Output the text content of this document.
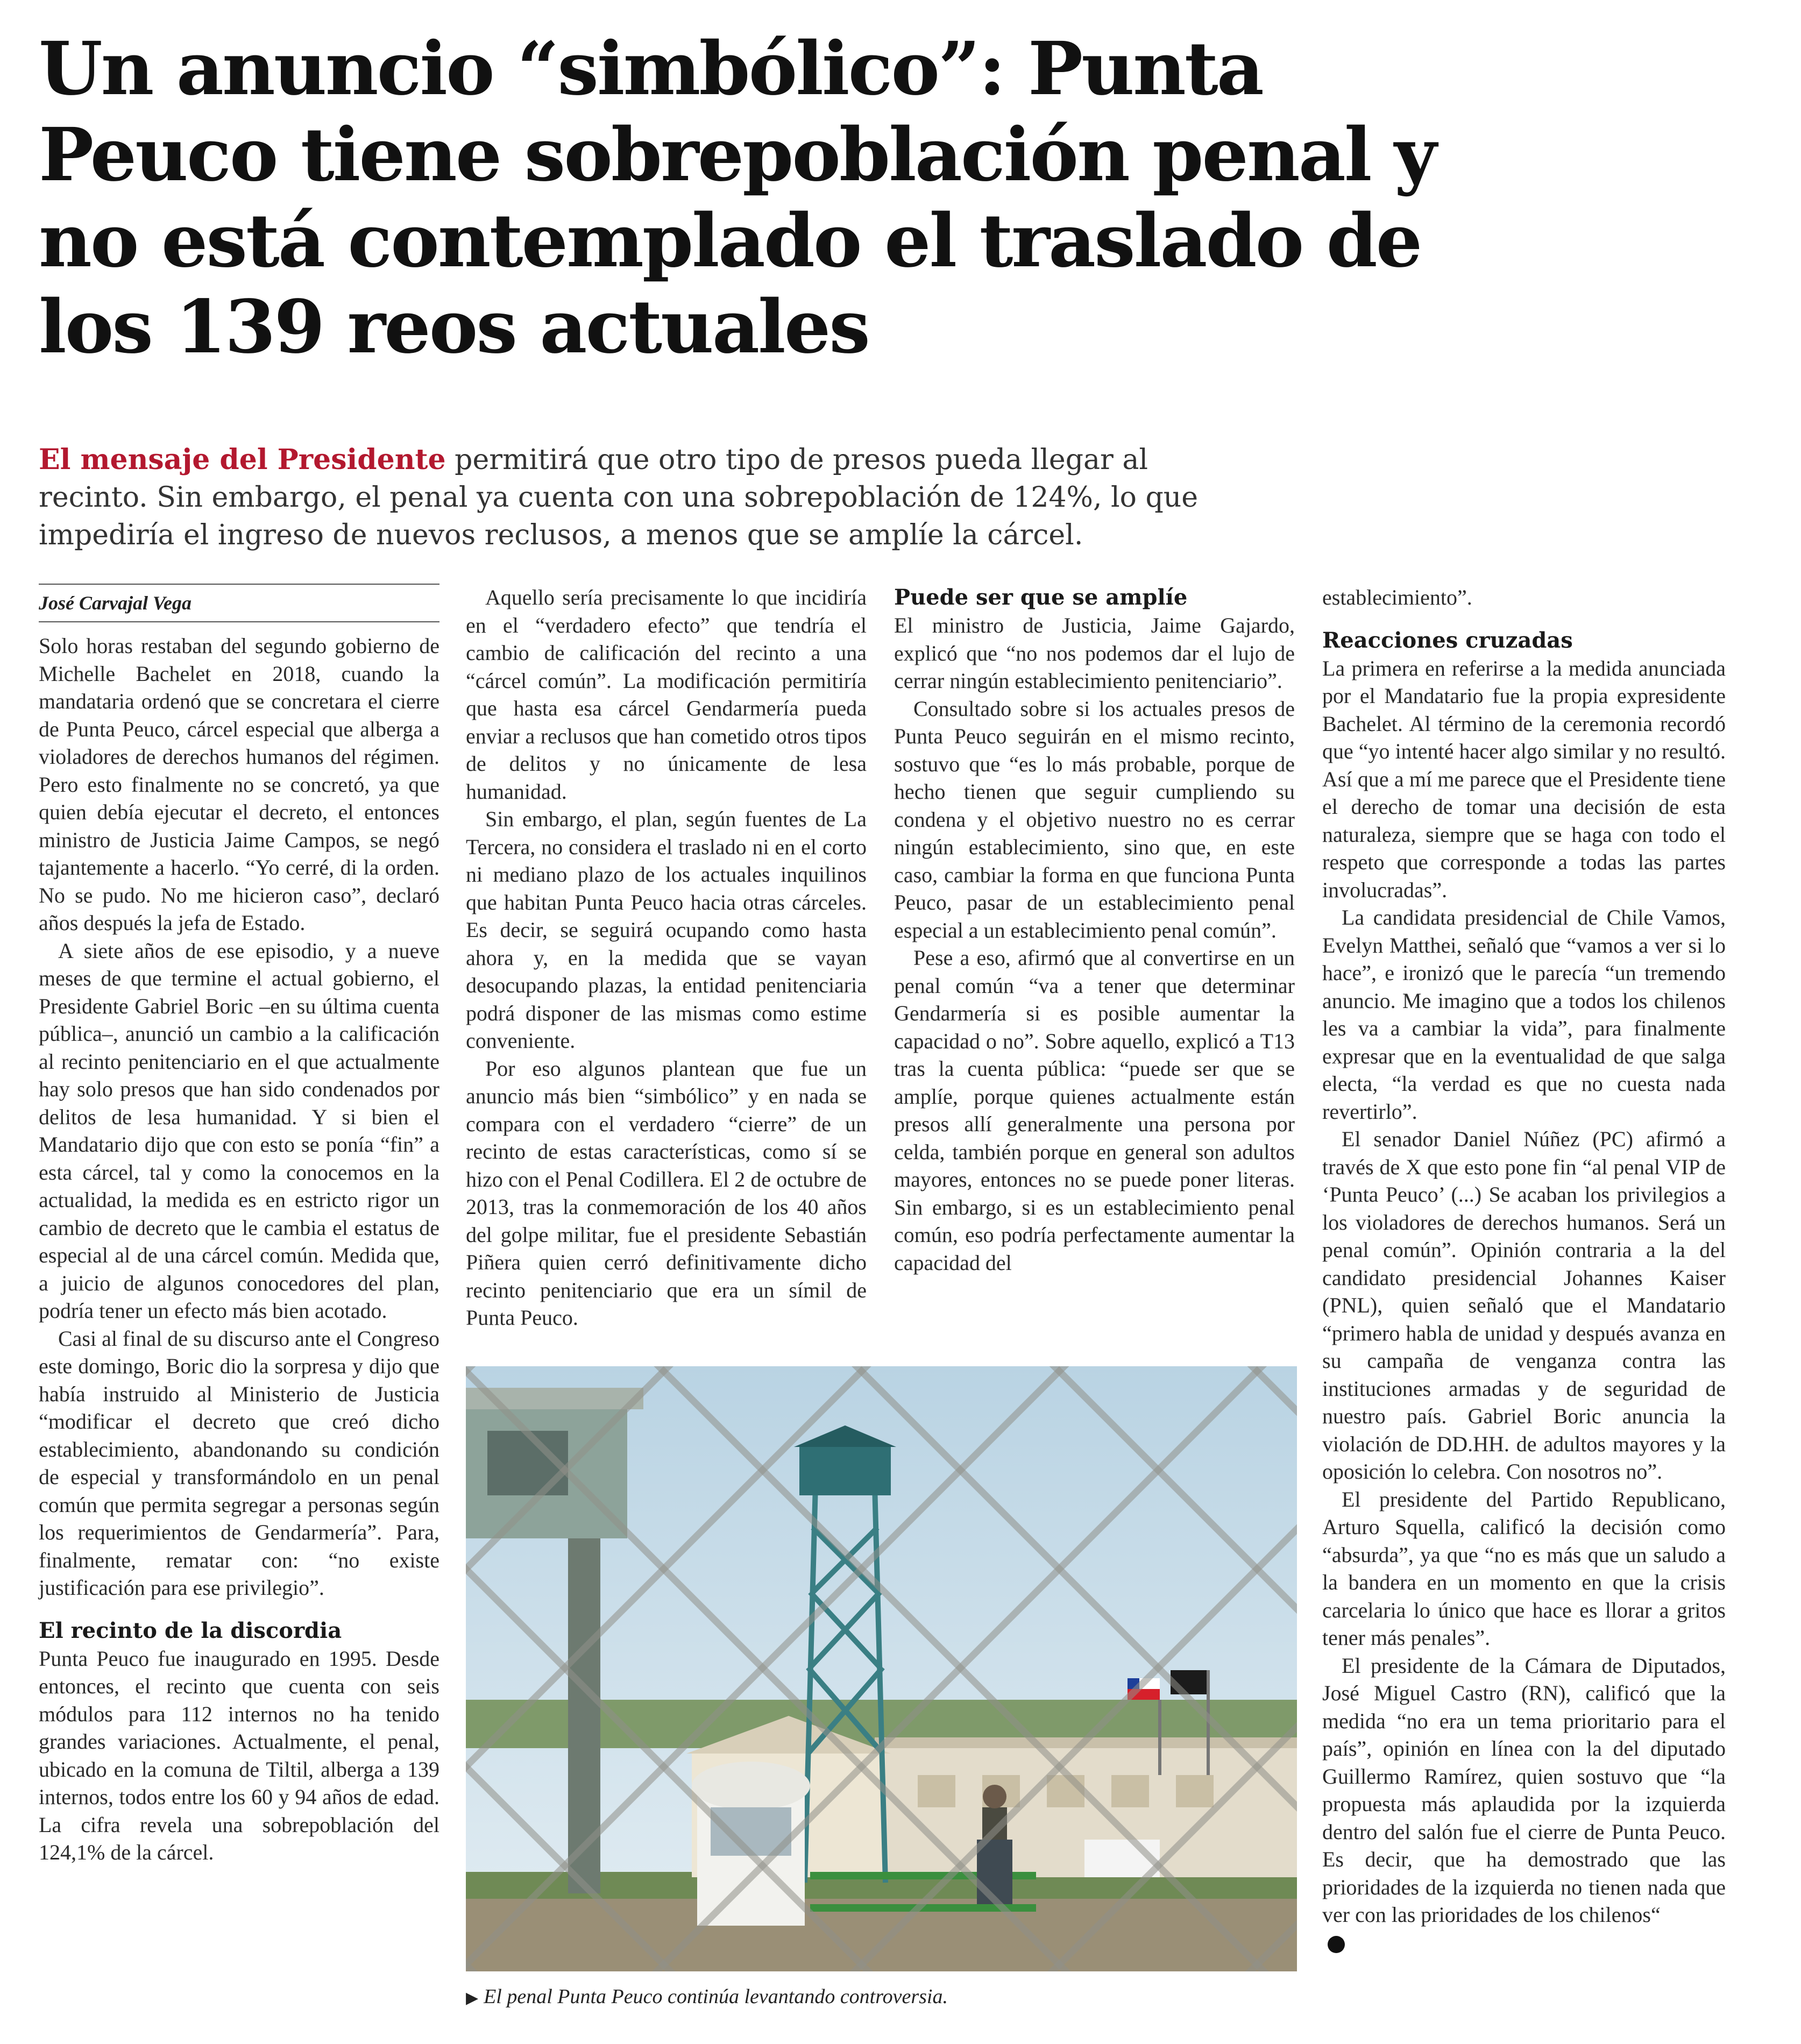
Un anuncio “simbólico”: Punta Peuco tiene sobrepoblación penal y no está contemplado el traslado de los 139 reos actuales

El mensaje del Presidente permitirá que otro tipo de presos pueda llegar al recinto. Sin embargo, el penal ya cuenta con una sobrepoblación de 124%, lo que impediría el ingreso de nuevos reclusos, a menos que se amplíe la cárcel.

José Carvajal Vega

Solo horas restaban del segundo gobierno de Michelle Bachelet en 2018, cuando la mandataria ordenó que se concretara el cierre de Punta Peuco, cárcel especial que alberga a violadores de derechos humanos del régimen. Pero esto finalmente no se concretó, ya que quien debía ejecutar el decreto, el entonces ministro de Justicia Jaime Campos, se negó tajantemente a hacerlo. “Yo cerré, di la orden. No se pudo. No me hicieron caso”, declaró años después la jefa de Estado.

A siete años de ese episodio, y a nueve meses de que termine el actual gobierno, el Presidente Gabriel Boric –en su última cuenta pública–, anunció un cambio a la calificación al recinto penitenciario en el que actualmente hay solo presos que han sido condenados por delitos de lesa humanidad. Y si bien el Mandatario dijo que con esto se ponía “fin” a esta cárcel, tal y como la conocemos en la actualidad, la medida es en estricto rigor un cambio de decreto que le cambia el estatus de especial al de una cárcel común. Medida que, a juicio de algunos conocedores del plan, podría tener un efecto más bien acotado.

Casi al final de su discurso ante el Congreso este domingo, Boric dio la sorpresa y dijo que había instruido al Ministerio de Justicia “modificar el decreto que creó dicho establecimiento, abandonando su condición de especial y transformándolo en un penal común que permita segregar a personas según los requerimientos de Gendarmería”. Para, finalmente, rematar con: “no existe justificación para ese privilegio”.

El recinto de la discordia

Punta Peuco fue inaugurado en 1995. Desde entonces, el recinto que cuenta con seis módulos para 112 internos no ha tenido grandes variaciones. Actualmente, el penal, ubicado en la comuna de Tiltil, alberga a 139 internos, todos entre los 60 y 94 años de edad. La cifra revela una sobrepoblación del 124,1% de la cárcel.

Aquello sería precisamente lo que incidiría en el “verdadero efecto” que tendría el cambio de calificación del recinto a una “cárcel común”. La modificación permitiría que hasta esa cárcel Gendarmería pueda enviar a reclusos que han cometido otros tipos de delitos y no únicamente de lesa humanidad.

Sin embargo, el plan, según fuentes de La Tercera, no considera el traslado ni en el corto ni mediano plazo de los actuales inquilinos que habitan Punta Peuco hacia otras cárceles. Es decir, se seguirá ocupando como hasta ahora y, en la medida que se vayan desocupando plazas, la entidad penitenciaria podrá disponer de las mismas como estime conveniente.

Por eso algunos plantean que fue un anuncio más bien “simbólico” y en nada se compara con el verdadero “cierre” de un recinto de estas características, como sí se hizo con el Penal Codillera. El 2 de octubre de 2013, tras la conmemoración de los 40 años del golpe militar, fue el presidente Sebastián Piñera quien cerró definitivamente dicho recinto penitenciario que era un símil de Punta Peuco.

Puede ser que se amplíe

El ministro de Justicia, Jaime Gajardo, explicó que “no nos podemos dar el lujo de cerrar ningún establecimiento penitenciario”.

Consultado sobre si los actuales presos de Punta Peuco seguirán en el mismo recinto, sostuvo que “es lo más probable, porque de hecho tienen que seguir cumpliendo su condena y el objetivo nuestro no es cerrar ningún establecimiento, sino que, en este caso, cambiar la forma en que funciona Punta Peuco, pasar de un establecimiento penal especial a un establecimiento penal común”.

Pese a eso, afirmó que al convertirse en un penal común “va a tener que determinar Gendarmería si es posible aumentar la capacidad o no”. Sobre aquello, explicó a T13 tras la cuenta pública: “puede ser que se amplíe, porque quienes actualmente están presos allí generalmente una persona por celda, también porque en general son adultos mayores, entonces no se puede poner literas. Sin embargo, si es un establecimiento penal común, eso podría perfectamente aumentar la capacidad del

establecimiento”.

Reacciones cruzadas

La primera en referirse a la medida anunciada por el Mandatario fue la propia expresidente Bachelet. Al término de la ceremonia recordó que “yo intenté hacer algo similar y no resultó. Así que a mí me parece que el Presidente tiene el derecho de tomar una decisión de esta naturaleza, siempre que se haga con todo el respeto que corresponde a todas las partes involucradas”.

La candidata presidencial de Chile Vamos, Evelyn Matthei, señaló que “vamos a ver si lo hace”, e ironizó que le parecía “un tremendo anuncio. Me imagino que a todos los chilenos les va a cambiar la vida”, para finalmente expresar que en la eventualidad de que salga electa, “la verdad es que no cuesta nada revertirlo”.

El senador Daniel Núñez (PC) afirmó a través de X que esto pone fin “al penal VIP de ‘Punta Peuco’ (...) Se acaban los privilegios a los violadores de derechos humanos. Será un penal común”. Opinión contraria a la del candidato presidencial Johannes Kaiser (PNL), quien señaló que el Mandatario “primero habla de unidad y después avanza en su campaña de venganza contra las instituciones armadas y de seguridad de nuestro país. Gabriel Boric anuncia la violación de DD.HH. de adultos mayores y la oposición lo celebra. Con nosotros no”.

El presidente del Partido Republicano, Arturo Squella, calificó la decisión como “absurda”, ya que “no es más que un saludo a la bandera en un momento en que la crisis carcelaria lo único que hace es llorar a gritos tener más penales”.

El presidente de la Cámara de Diputados, José Miguel Castro (RN), calificó que la medida “no era un tema prioritario para el país”, opinión en línea con la del diputado Guillermo Ramírez, quien sostuvo que “la propuesta más aplaudida por la izquierda dentro del salón fue el cierre de Punta Peuco. Es decir, que ha demostrado que las prioridades de la izquierda no tienen nada que ver con las prioridades de los chilenos“

▶ El penal Punta Peuco continúa levantando controversia.
